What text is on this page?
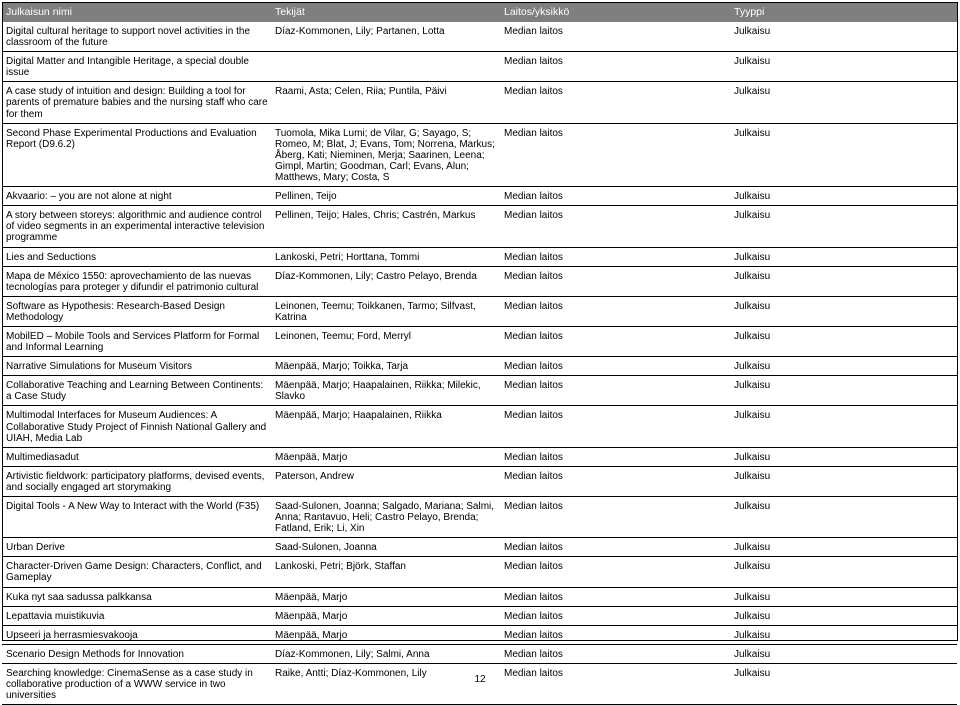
Julkaisun nimi	Tekijät	Laitos/yksikkö	Tyyppi
Digital cultural heritage to support novel activities in the classroom of the future	Díaz-Kommonen, Lily; Partanen, Lotta	Median laitos	Julkaisu
Digital Matter and Intangible Heritage, a special double issue		Median laitos	Julkaisu
A case study of intuition and design: Building a tool for parents of premature babies and the nursing staff who care for them	Raami, Asta; Celen, Riia; Puntila, Päivi	Median laitos	Julkaisu
Second Phase Experimental Productions and Evaluation Report (D9.6.2)	Tuomola, Mika Lumi; de Vilar, G; Sayago, S; Romeo, M; Blat, J; Evans, Tom; Norrena, Markus; Åberg, Kati; Nieminen, Merja; Saarinen, Leena; Gimpl, Martin; Goodman, Carl; Evans, Alun; Matthews, Mary; Costa, S	Median laitos	Julkaisu
Akvaario: – you are not alone at night	Pellinen, Teijo	Median laitos	Julkaisu
A story between storeys: algorithmic and audience control of video segments in an experimental interactive television programme	Pellinen, Teijo; Hales, Chris; Castrén, Markus	Median laitos	Julkaisu
Lies and Seductions	Lankoski, Petri; Horttana, Tommi	Median laitos	Julkaisu
Mapa de México 1550: aprovechamiento de las nuevas tecnologías para proteger y difundir el patrimonio cultural	Díaz-Kommonen, Lily; Castro Pelayo, Brenda	Median laitos	Julkaisu
Software as Hypothesis: Research-Based Design Methodology	Leinonen, Teemu; Toikkanen, Tarmo; Silfvast, Katrina	Median laitos	Julkaisu
MobilED – Mobile Tools and Services Platform for Formal and Informal Learning	Leinonen, Teemu; Ford, Merryl	Median laitos	Julkaisu
Narrative Simulations for Museum Visitors	Mäenpää, Marjo; Toikka, Tarja	Median laitos	Julkaisu
Collaborative Teaching and Learning Between Continents: a Case Study	Mäenpää, Marjo; Haapalainen, Riikka; Milekic, Slavko	Median laitos	Julkaisu
Multimodal Interfaces for Museum Audiences: A Collaborative Study Project of Finnish National Gallery and UIAH, Media Lab	Mäenpää, Marjo; Haapalainen, Riikka	Median laitos	Julkaisu
Multimediasadut	Mäenpää, Marjo	Median laitos	Julkaisu
Artivistic fieldwork: participatory platforms, devised events, and socially engaged art storymaking	Paterson, Andrew	Median laitos	Julkaisu
Digital Tools - A New Way to Interact with the World (F35)	Saad-Sulonen, Joanna; Salgado, Mariana; Salmi, Anna; Rantavuo, Heli; Castro Pelayo, Brenda; Fatland, Erik; Li, Xin	Median laitos	Julkaisu
Urban Derive	Saad-Sulonen, Joanna	Median laitos	Julkaisu
Character-Driven Game Design: Characters, Conflict, and Gameplay	Lankoski, Petri; Björk, Staffan	Median laitos	Julkaisu
Kuka nyt saa sadussa palkkansa	Mäenpää, Marjo	Median laitos	Julkaisu
Lepattavia muistikuvia	Mäenpää, Marjo	Median laitos	Julkaisu
Upseeri ja herrasmiesvakooja	Mäenpää, Marjo	Median laitos	Julkaisu
Scenario Design Methods for Innovation	Díaz-Kommonen, Lily; Salmi, Anna	Median laitos	Julkaisu
Searching knowledge: CinemaSense as a case study in collaborative production of a WWW service in two universities	Raike, Antti; Díaz-Kommonen, Lily	Median laitos	Julkaisu
12
